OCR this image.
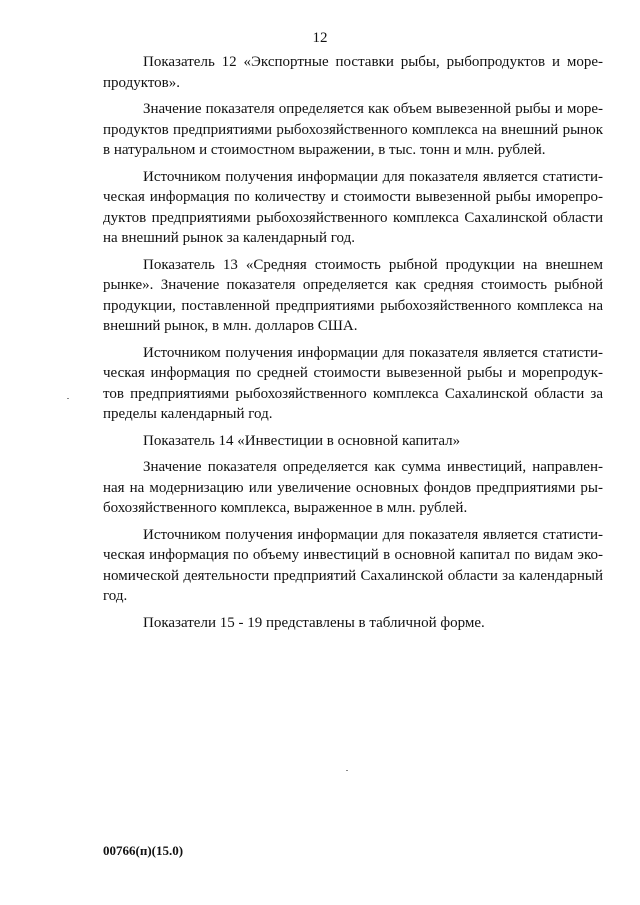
12
Показатель 12 «Экспортные поставки рыбы, рыбопродуктов и море-
продуктов».
Значение показателя определяется как объем вывезенной рыбы и море-
продуктов предприятиями рыбохозяйственного комплекса на внешний рынок
в натуральном и стоимостном выражении, в тыс. тонн и млн. рублей.
Источником получения информации для показателя является статисти-
ческая информация по количеству и стоимости вывезенной рыбы иморепро-
дуктов предприятиями рыбохозяйственного комплекса Сахалинской области
на внешний рынок за календарный год.
Показатель 13 «Средняя стоимость рыбной продукции на внешнем
рынке». Значение показателя определяется как средняя стоимость рыбной
продукции, поставленной предприятиями рыбохозяйственного комплекса на
внешний рынок, в млн. долларов США.
Источником получения информации для показателя является статисти-
ческая информация по средней стоимости вывезенной рыбы и морепродук-
тов предприятиями рыбохозяйственного комплекса Сахалинской области за
пределы календарный год.
Показатель 14 «Инвестиции в основной капитал»
Значение показателя определяется как сумма инвестиций, направлен-
ная на модернизацию или увеличение основных фондов предприятиями ры-
бохозяйственного комплекса, выраженное в млн. рублей.
Источником получения информации для показателя является статисти-
ческая информация по объему инвестиций в основной капитал по видам эко-
номической деятельности предприятий Сахалинской области за календарный
год.
Показатели 15 - 19 представлены в табличной форме.
00766(п)(15.0)
